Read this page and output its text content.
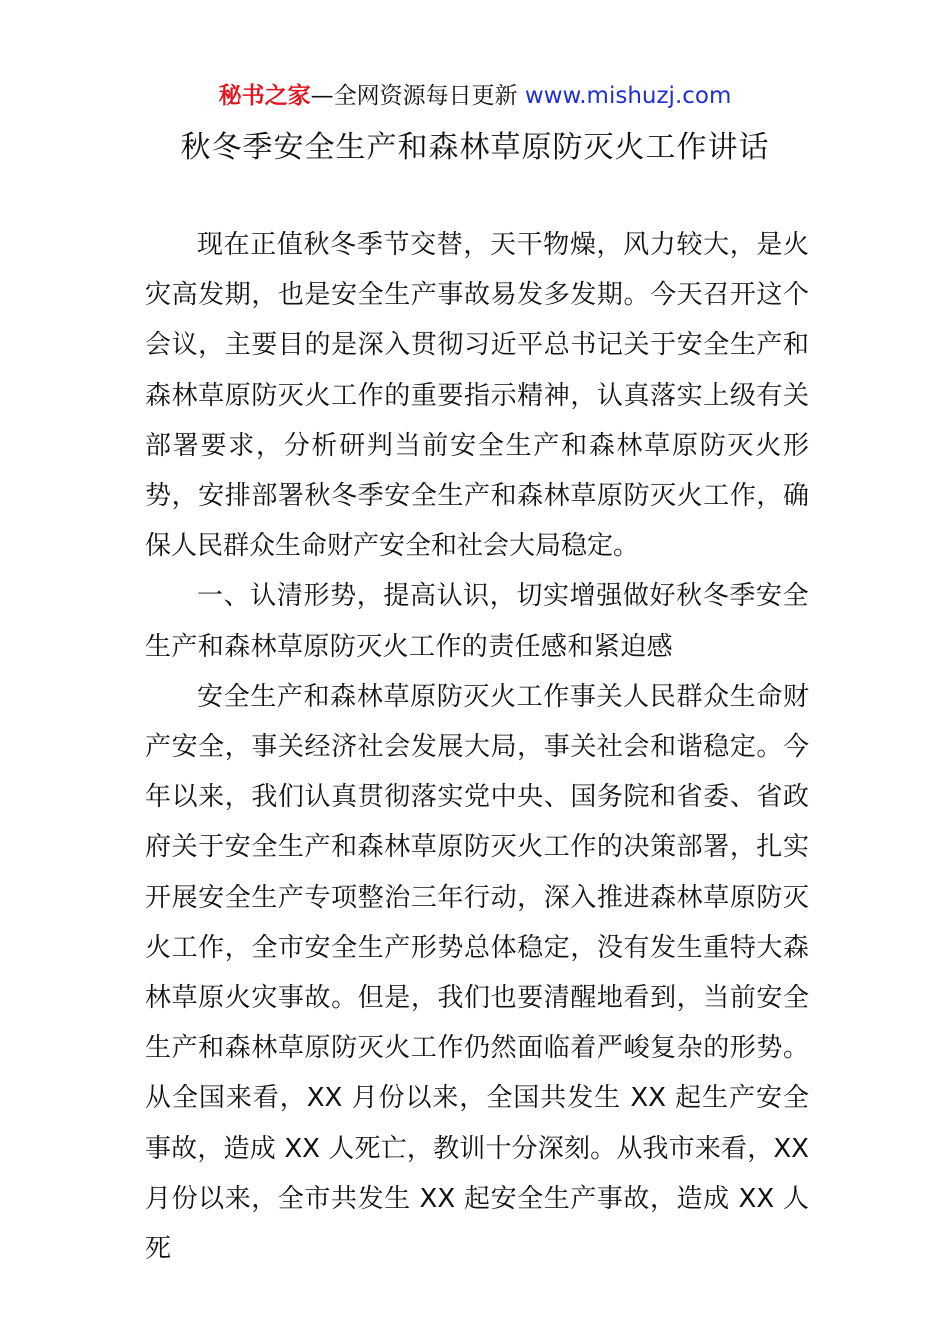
秘书之家—全网资源每日更新 www.mishuzj.com
秋冬季安全生产和森林草原防灭火工作讲话

现在正值秋冬季节交替，天干物燥，风力较大，是火灾高发期，也是安全生产事故易发多发期。今天召开这个会议，主要目的是深入贯彻习近平总书记关于安全生产和森林草原防灭火工作的重要指示精神，认真落实上级有关部署要求，分析研判当前安全生产和森林草原防灭火形势，安排部署秋冬季安全生产和森林草原防灭火工作，确保人民群众生命财产安全和社会大局稳定。

一、认清形势，提高认识，切实增强做好秋冬季安全生产和森林草原防灭火工作的责任感和紧迫感

安全生产和森林草原防灭火工作事关人民群众生命财产安全，事关经济社会发展大局，事关社会和谐稳定。今年以来，我们认真贯彻落实党中央、国务院和省委、省政府关于安全生产和森林草原防灭火工作的决策部署，扎实开展安全生产专项整治三年行动，深入推进森林草原防灭火工作，全市安全生产形势总体稳定，没有发生重特大森林草原火灾事故。但是，我们也要清醒地看到，当前安全生产和森林草原防灭火工作仍然面临着严峻复杂的形势。从全国来看，XX 月份以来，全国共发生 XX 起生产安全事故，造成 XX 人死亡，教训十分深刻。从我市来看，XX 月份以来，全市共发生 XX 起安全生产事故，造成 XX 人死
